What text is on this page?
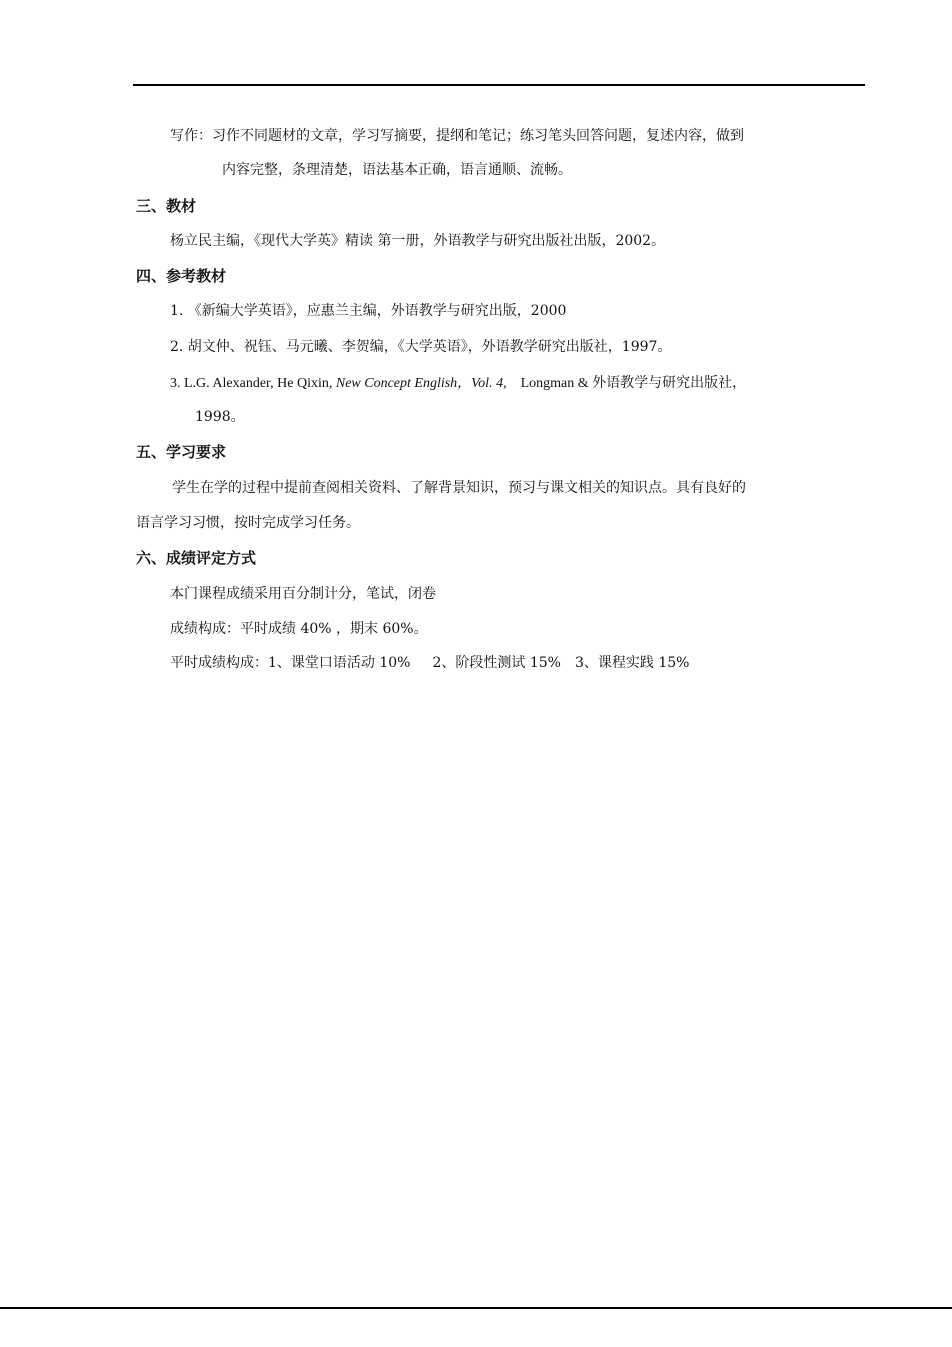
写作：习作不同题材的文章，学习写摘要，提纲和笔记；练习笔头回答问题，复述内容，做到
内容完整，条理清楚，语法基本正确，语言通顺、流畅。
三、教材
杨立民主编，《现代大学英》精读 第一册，外语教学与研究出版社出版，2002。
四、参考教材
1. 《新编大学英语》，应惠兰主编，外语教学与研究出版，2000
2. 胡文仲、祝钰、马元曦、李贺编，《大学英语》，外语教学研究出版社，1997。
3. L.G. Alexander, He Qixin, New Concept English，Vol. 4, Longman & 外语教学与研究出版社，
1998。
五、学习要求
学生在学的过程中提前查阅相关资料、了解背景知识，预习与课文相关的知识点。具有良好的
语言学习习惯，按时完成学习任务。
六、成绩评定方式
本门课程成绩采用百分制计分，笔试，闭卷
成绩构成：平时成绩 40% ，期末 60%。
平时成绩构成：1、课堂口语活动 10% 2、阶段性测试 15% 3、课程实践 15%
